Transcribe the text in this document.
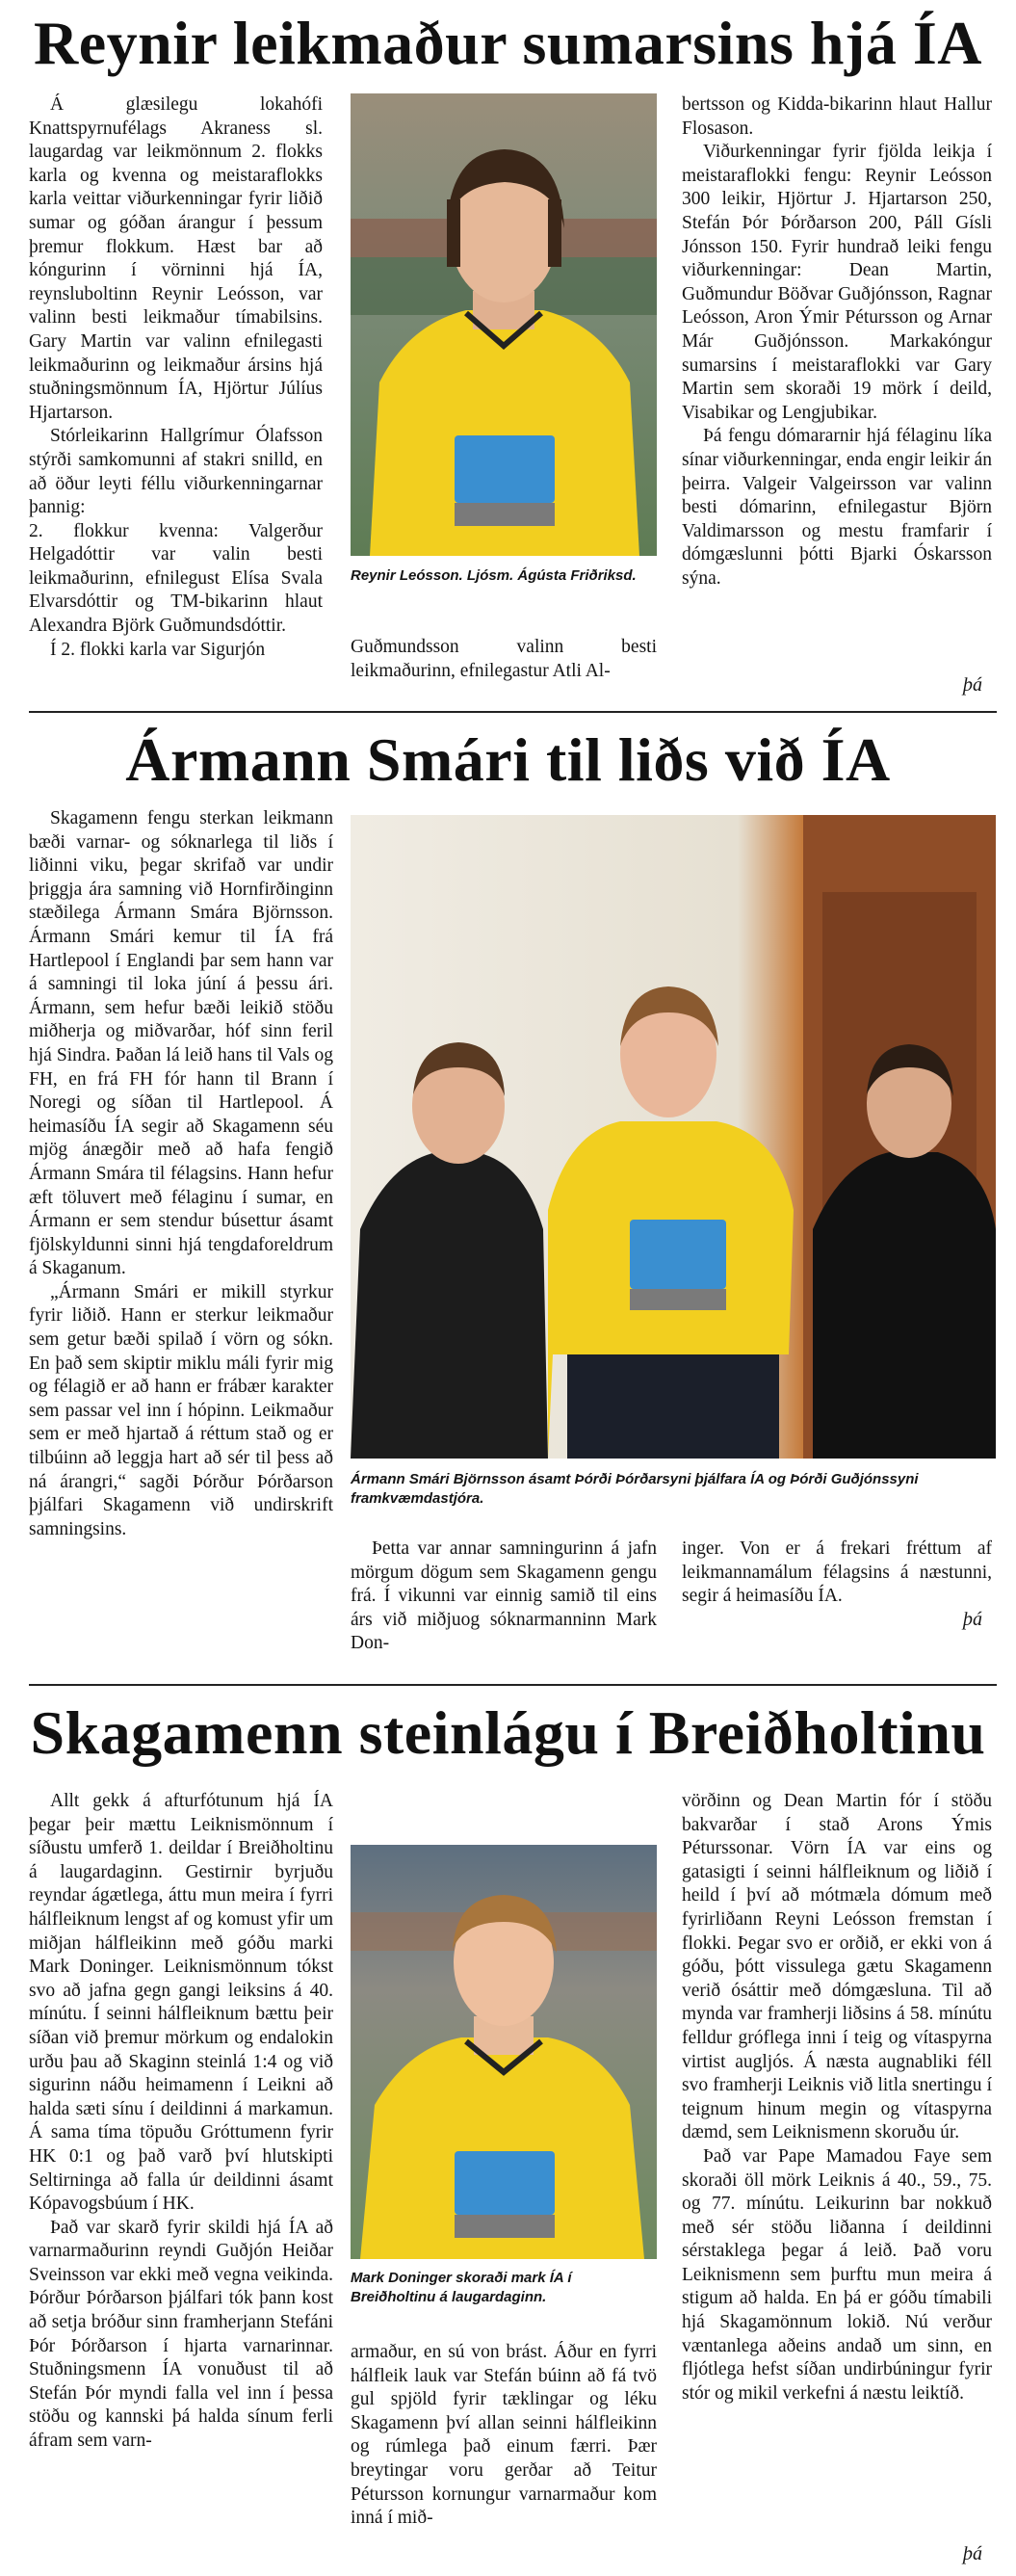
Reynir leikmaður sumarsins hjá ÍA

Á glæsilegu lokahófi Knattspyrnufélags Akraness sl. laugardag var leikmönnum 2. flokks karla og kvenna og meistaraflokks karla veittar viðurkenningar fyrir liðið sumar og góðan árangur í þessum þremur flokkum. Hæst bar að kóngurinn í vörninni hjá ÍA, reynsluboltinn Reynir Leósson, var valinn besti leikmaður tímabilsins. Gary Martin var valinn efnilegasti leikmaðurinn og leikmaður ársins hjá stuðningsmönnum ÍA, Hjörtur Júlíus Hjartarson.

Stórleikarinn Hallgrímur Ólafsson stýrði samkomunni af stakri snilld, en að öður leyti féllu viðurkenningarnar þannig:

2. flokkur kvenna: Valgerður Helgadóttir var valin besti leikmaðurinn, efnilegust Elísa Svala Elvarsdóttir og TM-bikarinn hlaut Alexandra Björk Guðmundsdóttir.

Í 2. flokki karla var Sigurjón

Reynir Leósson. Ljósm. Ágústa Friðriksd.

Guðmundsson valinn besti leikmaðurinn, efnilegastur Atli Al-

bertsson og Kidda-bikarinn hlaut Hallur Flosason.

Viðurkenningar fyrir fjölda leikja í meistaraflokki fengu: Reynir Leósson 300 leikir, Hjörtur J. Hjartarson 250, Stefán Þór Þórðarson 200, Páll Gísli Jónsson 150. Fyrir hundrað leiki fengu viðurkenningar: Dean Martin, Guðmundur Böðvar Guðjónsson, Ragnar Leósson, Aron Ýmir Pétursson og Arnar Már Guðjónsson. Markakóngur sumarsins í meistaraflokki var Gary Martin sem skoraði 19 mörk í deild, Visabikar og Lengjubikar.

Þá fengu dómararnir hjá félaginu líka sínar viðurkenningar, enda engir leikir án þeirra. Valgeir Valgeirsson var valinn besti dómarinn, efnilegastur Björn Valdimarsson og mestu framfarir í dómgæslunni þótti Bjarki Óskarsson sýna.

þá
Ármann Smári til liðs við ÍA

Skagamenn fengu sterkan leikmann bæði varnar- og sóknarlega til liðs í liðinni viku, þegar skrifað var undir þriggja ára samning við Hornfirðinginn stæðilega Ármann Smára Björnsson. Ármann Smári kemur til ÍA frá Hartlepool í Englandi þar sem hann var á samningi til loka júní á þessu ári. Ármann, sem hefur bæði leikið stöðu miðherja og miðvarðar, hóf sinn feril hjá Sindra. Þaðan lá leið hans til Vals og FH, en frá FH fór hann til Brann í Noregi og síðan til Hartlepool. Á heimasíðu ÍA segir að Skagamenn séu mjög ánægðir með að hafa fengið Ármann Smára til félagsins. Hann hefur æft töluvert með félaginu í sumar, en Ármann er sem stendur búsettur ásamt fjölskyldunni sinni hjá tengdaforeldrum á Skaganum.

„Ármann Smári er mikill styrkur fyrir liðið. Hann er sterkur leikmaður sem getur bæði spilað í vörn og sókn. En það sem skiptir miklu máli fyrir mig og félagið er að hann er frábær karakter sem passar vel inn í hópinn. Leikmaður sem er með hjartað á réttum stað og er tilbúinn að leggja hart að sér til þess að ná árangri,“ sagði Þórður Þórðarson þjálfari Skagamenn við undirskrift samningsins.

Ármann Smári Björnsson ásamt Þórði Þórðarsyni þjálfara ÍA og Þórði Guðjónssyni framkvæmdastjóra.

Þetta var annar samningurinn á jafn mörgum dögum sem Skagamenn gengu frá. Í vikunni var einnig samið til eins árs við miðjuog sóknarmanninn Mark Don-

inger. Von er á frekari fréttum af leikmannamálum félagsins á næstunni, segir á heimasíðu ÍA.

þá
Skagamenn steinlágu í Breiðholtinu

Allt gekk á afturfótunum hjá ÍA þegar þeir mættu Leiknismönnum í síðustu umferð 1. deildar í Breiðholtinu á laugardaginn. Gestirnir byrjuðu reyndar ágætlega, áttu mun meira í fyrri hálfleiknum lengst af og komust yfir um miðjan hálfleikinn með góðu marki Mark Doninger. Leiknismönnum tókst svo að jafna gegn gangi leiksins á 40. mínútu. Í seinni hálfleiknum bættu þeir síðan við þremur mörkum og endalokin urðu þau að Skaginn steinlá 1:4 og við sigurinn náðu heimamenn í Leikni að halda sæti sínu í deildinni á markamun. Á sama tíma töpuðu Gróttumenn fyrir HK 0:1 og það varð því hlutskipti Seltirninga að falla úr deildinni ásamt Kópavogsbúum í HK.

Það var skarð fyrir skildi hjá ÍA að varnarmaðurinn reyndi Guðjón Heiðar Sveinsson var ekki með vegna veikinda. Þórður Þórðarson þjálfari tók þann kost að setja bróður sinn framherjann Stefáni Þór Þórðarson í hjarta varnarinnar. Stuðningsmenn ÍA vonuðust til að Stefán Þór myndi falla vel inn í þessa stöðu og kannski þá halda sínum ferli áfram sem varn-

Mark Doninger skoraði mark ÍA í Breiðholtinu á laugardaginn.

armaður, en sú von brást. Áður en fyrri hálfleik lauk var Stefán búinn að fá tvö gul spjöld fyrir tæklingar og léku Skagamenn því allan seinni hálfleikinn og rúmlega það einum færri. Þær breytingar voru gerðar að Teitur Pétursson kornungur varnarmaður kom inná í mið-

vörðinn og Dean Martin fór í stöðu bakvarðar í stað Arons Ýmis Péturssonar. Vörn ÍA var eins og gatasigti í seinni hálfleiknum og liðið í heild í því að mótmæla dómum með fyrirliðann Reyni Leósson fremstan í flokki. Þegar svo er orðið, er ekki von á góðu, þótt vissulega gætu Skagamenn verið ósáttir með dómgæsluna. Til að mynda var framherji liðsins á 58. mínútu felldur gróflega inni í teig og vítaspyrna virtist augljós. Á næsta augnabliki féll svo framherji Leiknis við litla snertingu í teignum hinum megin og vítaspyrna dæmd, sem Leiknismenn skoruðu úr.

Það var Pape Mamadou Faye sem skoraði öll mörk Leiknis á 40., 59., 75. og 77. mínútu. Leikurinn bar nokkuð með sér stöðu liðanna í deildinni sérstaklega þegar á leið. Það voru Leiknismenn sem þurftu mun meira á stigum að halda. En þá er góðu tímabili hjá Skagamönnum lokið. Nú verður væntanlega aðeins andað um sinn, en fljótlega hefst síðan undirbúningur fyrir stór og mikil verkefni á næstu leiktíð.

þá
